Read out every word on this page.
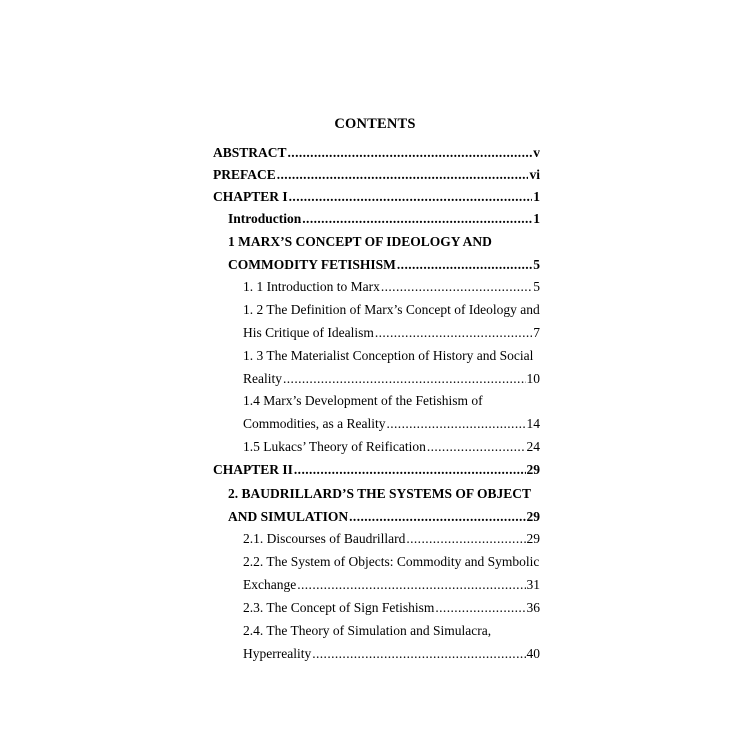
CONTENTS
ABSTRACT .....	v
PREFACE .....	vi
CHAPTER I .....	1
Introduction .....	1
1 MARX’S CONCEPT OF IDEOLOGY AND
COMMODITY FETISHISM .....	5
1. 1 Introduction to Marx .....	5
1. 2 The Definition of Marx’s Concept of Ideology and
His Critique of Idealism .....	7
1. 3 The Materialist Conception of History and Social
Reality .....	10
1.4 Marx’s Development of the Fetishism of
Commodities, as a Reality .....	14
1.5 Lukacs’ Theory of Reification .....	24
CHAPTER II .....	29
2. BAUDRILLARD’S THE SYSTEMS OF OBJECT
AND SIMULATION .....	29
2.1. Discourses of Baudrillard .....	29
2.2. The System of Objects: Commodity and Symbolic
Exchange .....	31
2.3. The Concept of Sign Fetishism .....	36
2.4. The Theory of Simulation and Simulacra,
Hyperreality .....	40
